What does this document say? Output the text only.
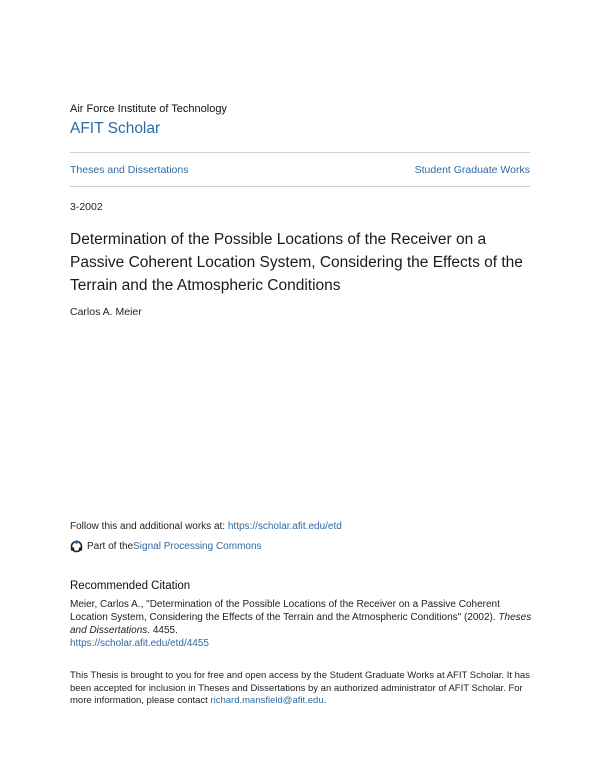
Air Force Institute of Technology
AFIT Scholar
Theses and Dissertations	Student Graduate Works
3-2002
Determination of the Possible Locations of the Receiver on a Passive Coherent Location System, Considering the Effects of the Terrain and the Atmospheric Conditions
Carlos A. Meier
Follow this and additional works at: https://scholar.afit.edu/etd
Part of the Signal Processing Commons
Recommended Citation
Meier, Carlos A., "Determination of the Possible Locations of the Receiver on a Passive Coherent Location System, Considering the Effects of the Terrain and the Atmospheric Conditions" (2002). Theses and Dissertations. 4455.
https://scholar.afit.edu/etd/4455
This Thesis is brought to you for free and open access by the Student Graduate Works at AFIT Scholar. It has been accepted for inclusion in Theses and Dissertations by an authorized administrator of AFIT Scholar. For more information, please contact richard.mansfield@afit.edu.
